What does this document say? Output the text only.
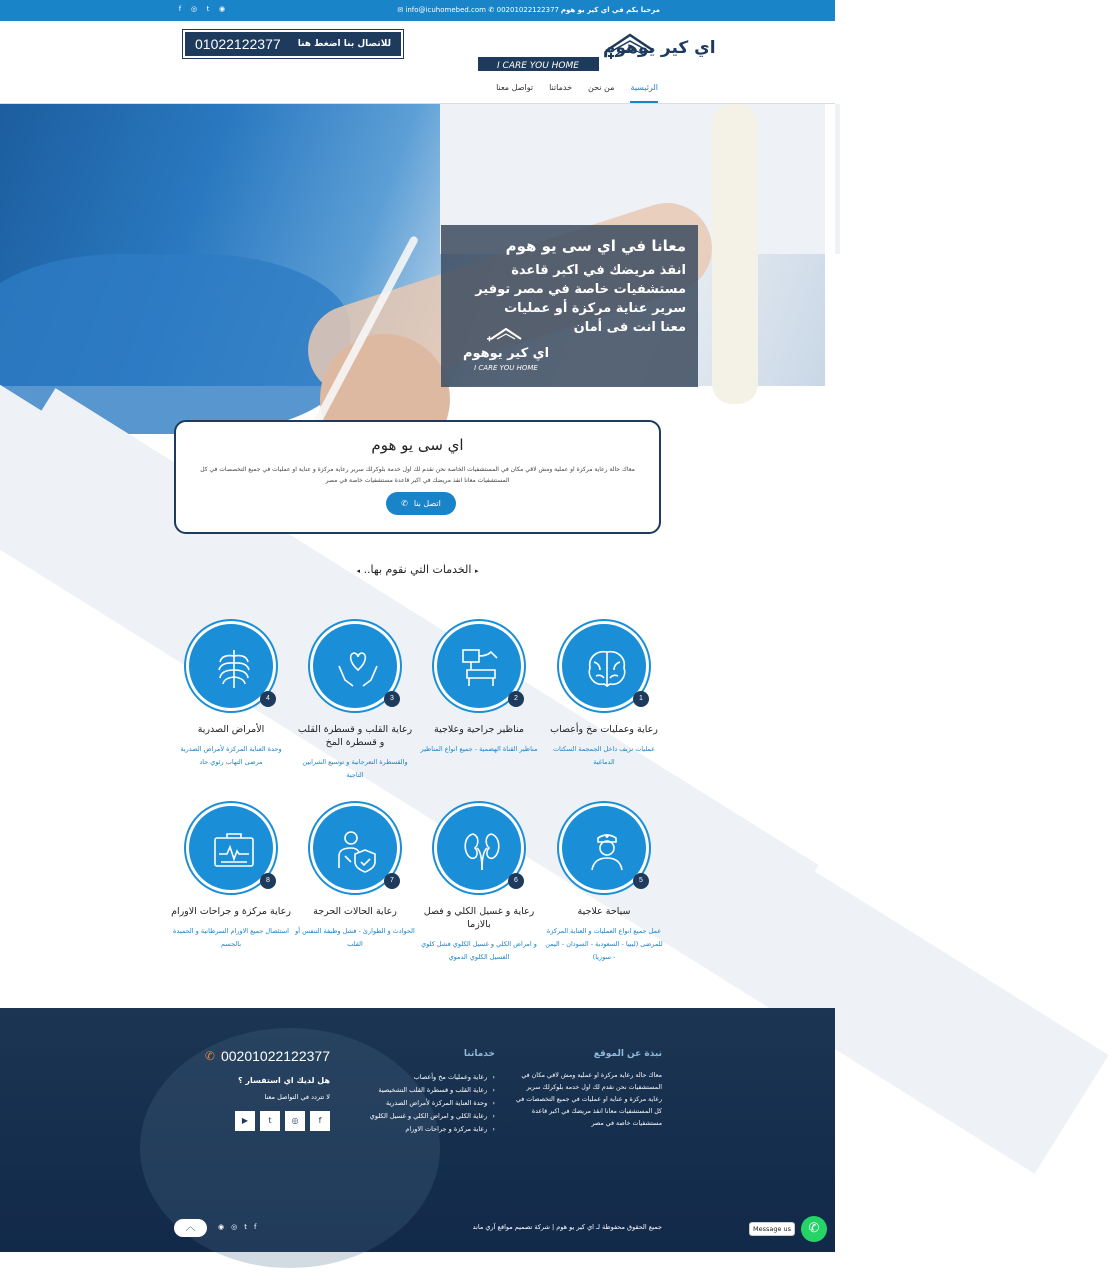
مرحبا بكم في اي كير يو هوم
✆ 00201022122377
✉ info@icuhomebed.com
f	◎	t	◉
اي كير يوهوم
I CARE YOU HOME
للاتصال بنا اضغط هنا
01022122377
الرئيسية
من نحن
خدماتنا
تواصل معنا
معانا في اي سى يو هوم
انقذ مريضك في اكبر قاعدة
مستشفيات خاصة في مصر توفير
سرير عناية مركزة أو عمليات
معنا انت فى أمان
اي كير يوهوم
I CARE YOU HOME
اي سى يو هوم

معاك حالة رعاية مركزة او عملية ومش لاقي مكان في المستشفيات الخاصة نحن نقدم لك اول خدمة بلوكرلك سرير رعاية مركزة و عناية او عمليات في جميع التخصصات في كل المستشفيات معانا انقذ مريضك في اكبر قاعدة مستشفيات خاصة في مصر

اتصل بنا
✆
▸ الخدمات التي نقوم بها.. ◂
1
رعاية وعمليات مخ وأعصاب
عمليات نزيف داخل الجمجمة السكتات الدماغية
2
مناظير جراحية وعلاجية
مناظير القناة الهضمية - جميع انواع المناظير
3
رعاية القلب و قسطرة القلب و قسطرة المخ
والقسطرة التعرجانية و توسيع الشرايين التاجية
4
الأمراض الصدرية
وحدة العناية المركزة لأمراض الصدرية مرضى التهاب رئوي حاد
5
سياحة علاجية
عمل جميع انواع العمليات و العناية المركزة للمرضى (ليبيا - السعودية - السودان - اليمن - سوريا)
6
رعاية و غسيل الكلي و فصل بالازما
و امراض الكلي و غسيل الكلوي فشل كلوي الغسيل الكلوي الدموي
7
رعاية الحالات الحرجة
الحوادث و الطوارئ - فشل وظيفة التنفس أو القلب
8
رعاية مركزة و جراحات الاورام
استئصال جميع الاورام السرطانية و الحميدة بالجسم
نبذة عن الموقع
معاك حالة رعاية مركزة او عملية ومش لاقي مكان في المستشفيات نحن نقدم لك اول خدمة بلوكرلك سرير رعاية مركزة و عناية او عمليات في جميع التخصصات في كل المستشفيات معانا انقذ مريضك في اكبر قاعدة مستشفيات خاصة في مصر
خدماتنا
‹ رعاية وعمليات مخ وأعصاب
‹ رعاية القلب و قسطرة القلب التشخيصية
‹ وحدة العناية المركزة لأمراض الصدرية
‹ رعاية الكلي و امراض الكلي و غسيل الكلوي
‹ رعاية مركزة و جراحات الاورام
✆ 00201022122377
هل لديك اي استفسار ؟
لا تتردد في التواصل معنا
f
◎
t
▶
جميع الحقوق محفوظة لـ اي كير يو هوم | شركة تصميم مواقع آري ماند
◉ ◎ t f
︿	Message us	✆
